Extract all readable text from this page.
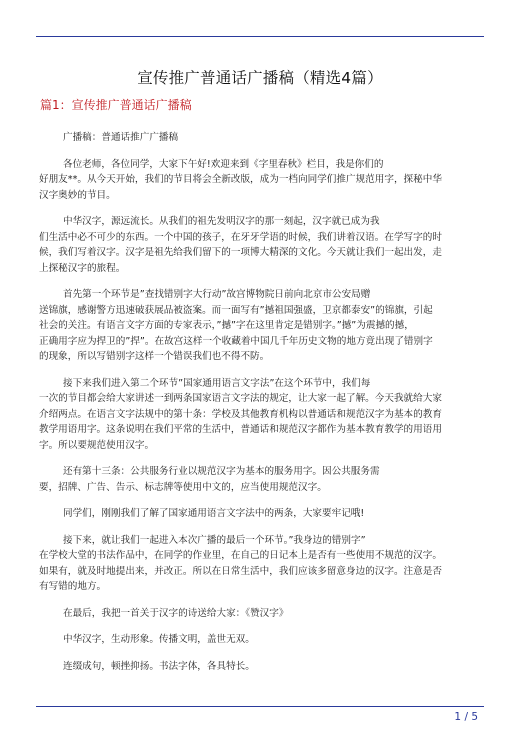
宣传推广普通话广播稿（精选4篇）
篇1：宣传推广普通话广播稿
广播稿：普通话推广广播稿
各位老师，各位同学，大家下午好!欢迎来到《字里春秋》栏目，我是你们的
好朋友**。从今天开始，我们的节目将会全新改版，成为一档向同学们推广规范用字，探秘中华
汉字奥妙的节目。
中华汉字，源远流长。从我们的祖先发明汉字的那一刻起，汉字就已成为我
们生活中必不可少的东西。一个中国的孩子，在牙牙学语的时候，我们讲着汉语。在学写字的时
候，我们写着汉字。汉字是祖先给我们留下的一项博大精深的文化。今天就让我们一起出发，走
上探秘汉字的旅程。
首先第一个环节是”查找错别字大行动”故宫博物院日前向北京市公安局赠
送锦旗，感谢警方迅速破获展品被盗案。而一面写有”撼祖国强盛，卫京都泰安”的锦旗，引起
社会的关注。有语言文字方面的专家表示，”撼”字在这里肯定是错别字。”撼”为震撼的撼，
正确用字应为捍卫的”捍”。在故宫这样一个收藏着中国几千年历史文物的地方竟出现了错别字
的现象，所以写错别字这样一个错误我们也不得不防。
接下来我们进入第二个环节”国家通用语言文字法”在这个环节中，我们每
一次的节目都会给大家讲述一到两条国家语言文字法的规定，让大家一起了解。今天我就给大家
介绍两点。在语言文字法规中的第十条：学校及其他教育机构以普通话和规范汉字为基本的教育
教学用语用字。这条说明在我们平常的生活中，普通话和规范汉字都作为基本教育教学的用语用
字。所以要规范使用汉字。
还有第十三条：公共服务行业以规范汉字为基本的服务用字。因公共服务需
要，招牌、广告、告示、标志牌等使用中文的，应当使用规范汉字。
同学们，刚刚我们了解了国家通用语言文字法中的两条，大家要牢记哦!
接下来，就让我们一起进入本次广播的最后一个环节。”我身边的错别字”
在学校大堂的书法作品中，在同学的作业里，在自己的日记本上是否有一些使用不规范的汉字。
如果有，就及时地提出来，并改正。所以在日常生活中，我们应该多留意身边的汉字。注意是否
有写错的地方。
在最后，我把一首关于汉字的诗送给大家：《赞汉字》
中华汉字，生动形象。传播文明，盖世无双。
连缀成句，顿挫抑扬。书法字体，各具特长。
1 / 5
